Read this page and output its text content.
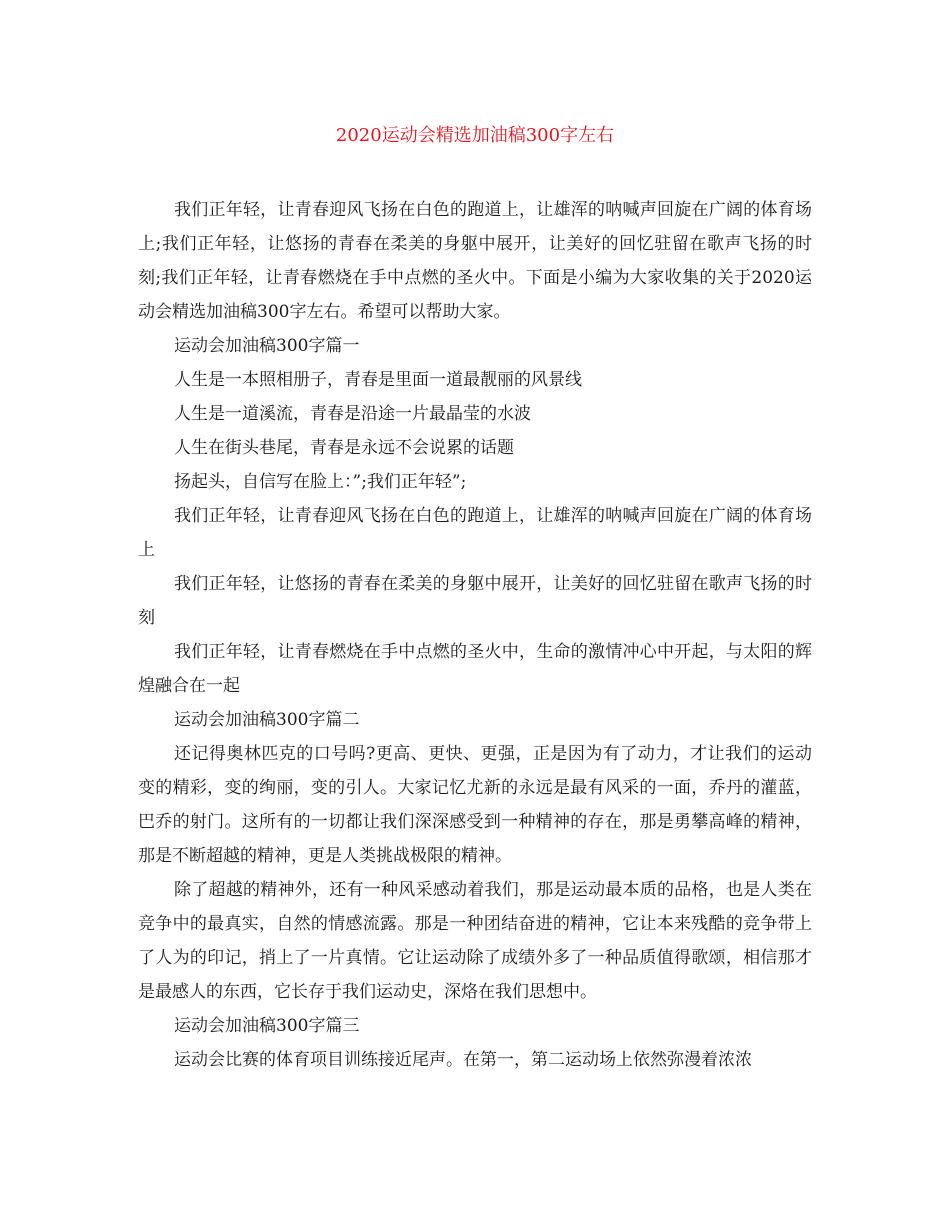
2020运动会精选加油稿300字左右

我们正年轻，让青春迎风飞扬在白色的跑道上，让雄浑的呐喊声回旋在广阔的体育场上;我们正年轻，让悠扬的青春在柔美的身躯中展开，让美好的回忆驻留在歌声飞扬的时刻;我们正年轻，让青春燃烧在手中点燃的圣火中。下面是小编为大家收集的关于2020运动会精选加油稿300字左右。希望可以帮助大家。

运动会加油稿300字篇一

人生是一本照相册子，青春是里面一道最靓丽的风景线

人生是一道溪流，青春是沿途一片最晶莹的水波

人生在街头巷尾，青春是永远不会说累的话题

扬起头，自信写在脸上：”;我们正年轻”;

我们正年轻，让青春迎风飞扬在白色的跑道上，让雄浑的呐喊声回旋在广阔的体育场上

我们正年轻，让悠扬的青春在柔美的身躯中展开，让美好的回忆驻留在歌声飞扬的时刻

我们正年轻，让青春燃烧在手中点燃的圣火中，生命的激情冲心中开起，与太阳的辉煌融合在一起

运动会加油稿300字篇二

还记得奥林匹克的口号吗?更高、更快、更强，正是因为有了动力，才让我们的运动变的精彩，变的绚丽，变的引人。大家记忆尤新的永远是最有风采的一面，乔丹的灌蓝，巴乔的射门。这所有的一切都让我们深深感受到一种精神的存在，那是勇攀高峰的精神，那是不断超越的精神，更是人类挑战极限的精神。

除了超越的精神外，还有一种风采感动着我们，那是运动最本质的品格，也是人类在竞争中的最真实，自然的情感流露。那是一种团结奋进的精神，它让本来残酷的竞争带上了人为的印记，捎上了一片真情。它让运动除了成绩外多了一种品质值得歌颂，相信那才是最感人的东西，它长存于我们运动史，深烙在我们思想中。

运动会加油稿300字篇三

运动会比赛的体育项目训练接近尾声。在第一，第二运动场上依然弥漫着浓浓
